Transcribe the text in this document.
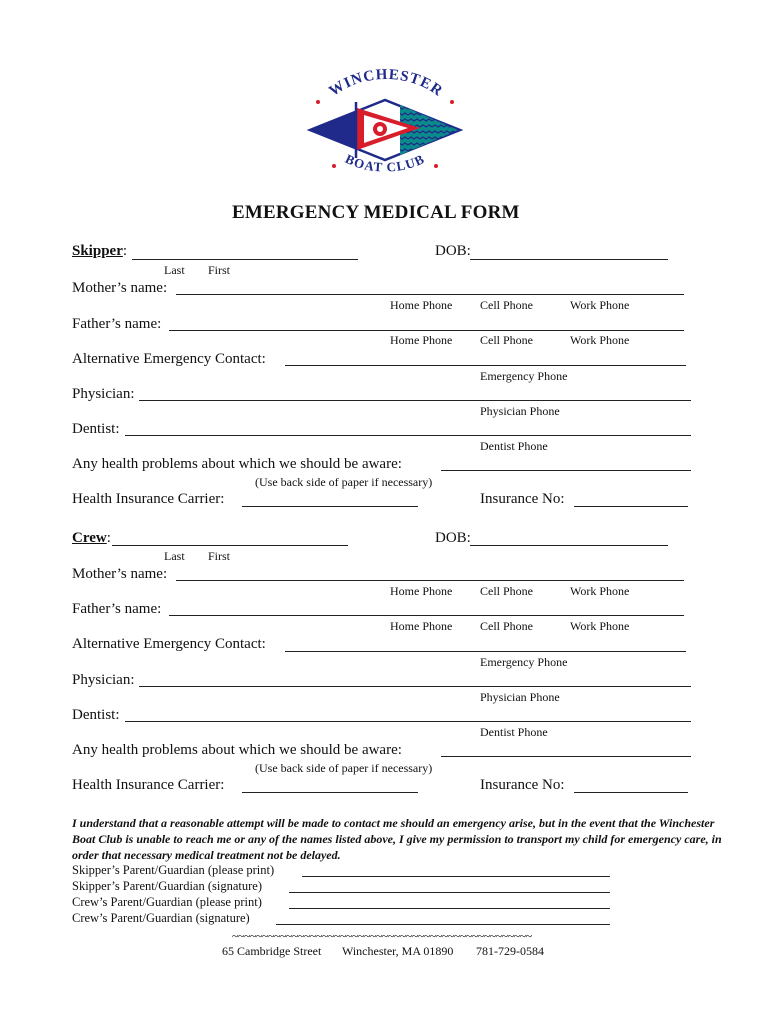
WINCHESTER
BOAT CLUB
EMERGENCY MEDICAL FORM
Skipper:	DOB:
Last First
Mother’s name:
Home Phone Cell Phone	Work Phone
Father’s name:
Home Phone Cell Phone	Work Phone
Alternative Emergency Contact:
Emergency Phone
Physician:
Physician Phone
Dentist:
Dentist Phone
Any health problems about which we should be aware:
(Use back side of paper if necessary)
Health Insurance Carrier:	Insurance No:
Crew:	DOB:
Last First
Mother’s name:
Home Phone Cell Phone	Work Phone
Father’s name:
Home Phone Cell Phone	Work Phone
Alternative Emergency Contact:
Emergency Phone
Physician:
Physician Phone
Dentist:
Dentist Phone
Any health problems about which we should be aware:
(Use back side of paper if necessary)
Health Insurance Carrier:	Insurance No:
I understand that a reasonable attempt will be made to contact me should an emergency arise, but in the event that the Winchester Boat Club is unable to reach me or any of the names listed above, I give my permission to transport my child for emergency care, in order that necessary medical treatment not be delayed.
Skipper’s Parent/Guardian (please print)
Skipper’s Parent/Guardian (signature)
Crew’s Parent/Guardian (please print)
Crew’s Parent/Guardian (signature)
~~~~~~~~~~~~~~~~~~~~~~~~~~~~~~~~~~~~~~~~~~~~~~~~~~
65 Cambridge Street Winchester, MA 01890 781-729-0584
